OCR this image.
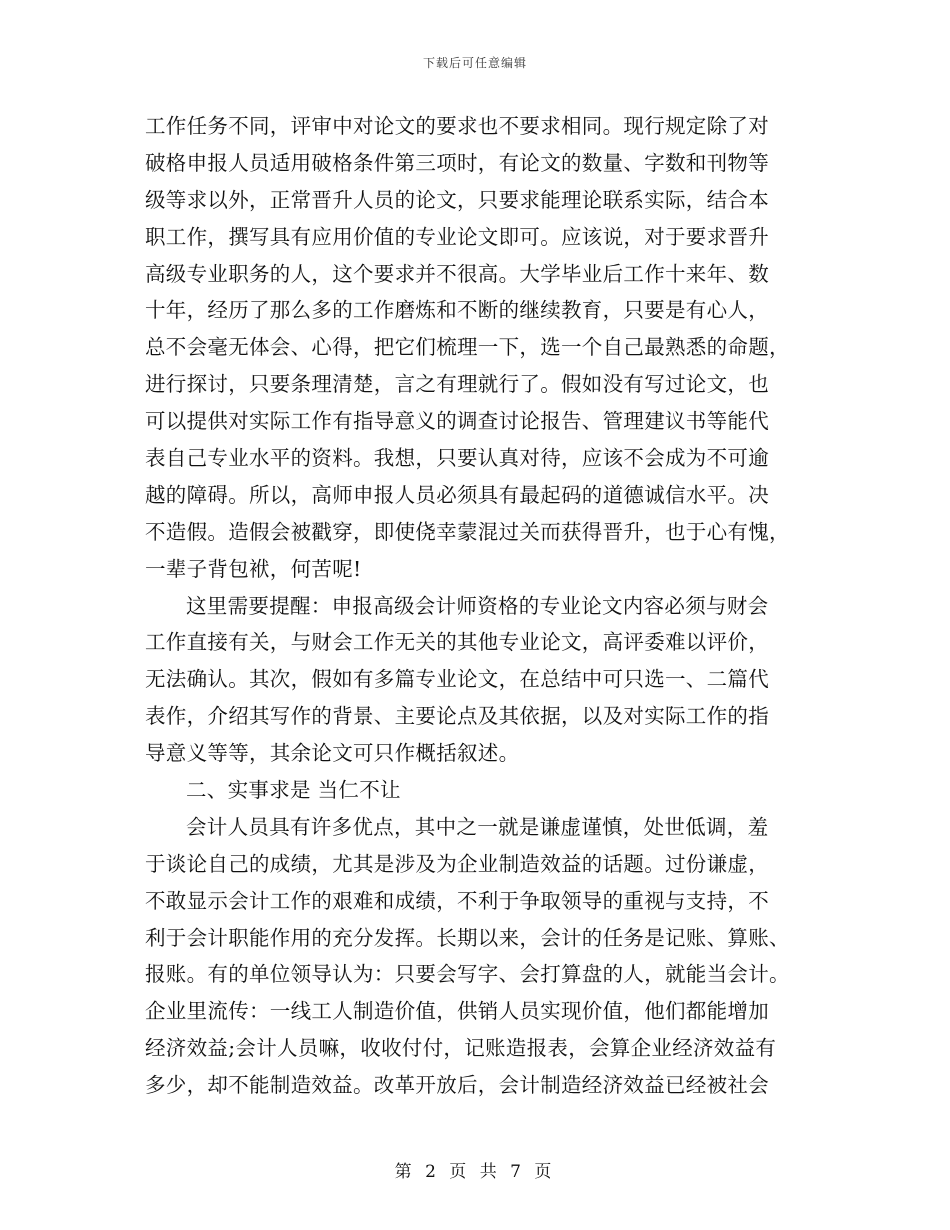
下载后可任意编辑
工作任务不同，评审中对论文的要求也不要求相同。现行规定除了对
破格申报人员适用破格条件第三项时，有论文的数量、字数和刊物等
级等求以外，正常晋升人员的论文，只要求能理论联系实际，结合本
职工作，撰写具有应用价值的专业论文即可。应该说，对于要求晋升
高级专业职务的人，这个要求并不很高。大学毕业后工作十来年、数
十年，经历了那么多的工作磨炼和不断的继续教育，只要是有心人，
总不会毫无体会、心得，把它们梳理一下，选一个自己最熟悉的命题，
进行探讨，只要条理清楚，言之有理就行了。假如没有写过论文，也
可以提供对实际工作有指导意义的调查讨论报告、管理建议书等能代
表自己专业水平的资料。我想，只要认真对待，应该不会成为不可逾
越的障碍。所以，高师申报人员必须具有最起码的道德诚信水平。决
不造假。造假会被戳穿，即使侥幸蒙混过关而获得晋升，也于心有愧，
一辈子背包袱，何苦呢!
这里需要提醒：申报高级会计师资格的专业论文内容必须与财会
工作直接有关，与财会工作无关的其他专业论文，高评委难以评价，
无法确认。其次，假如有多篇专业论文，在总结中可只选一、二篇代
表作，介绍其写作的背景、主要论点及其依据，以及对实际工作的指
导意义等等，其余论文可只作概括叙述。
二、实事求是 当仁不让
会计人员具有许多优点，其中之一就是谦虚谨慎，处世低调，羞
于谈论自己的成绩，尤其是涉及为企业制造效益的话题。过份谦虚，
不敢显示会计工作的艰难和成绩，不利于争取领导的重视与支持，不
利于会计职能作用的充分发挥。长期以来，会计的任务是记账、算账、
报账。有的单位领导认为：只要会写字、会打算盘的人，就能当会计。
企业里流传：一线工人制造价值，供销人员实现价值，他们都能增加
经济效益;会计人员嘛，收收付付，记账造报表，会算企业经济效益有
多少，却不能制造效益。改革开放后，会计制造经济效益已经被社会
第 2 页 共 7 页
